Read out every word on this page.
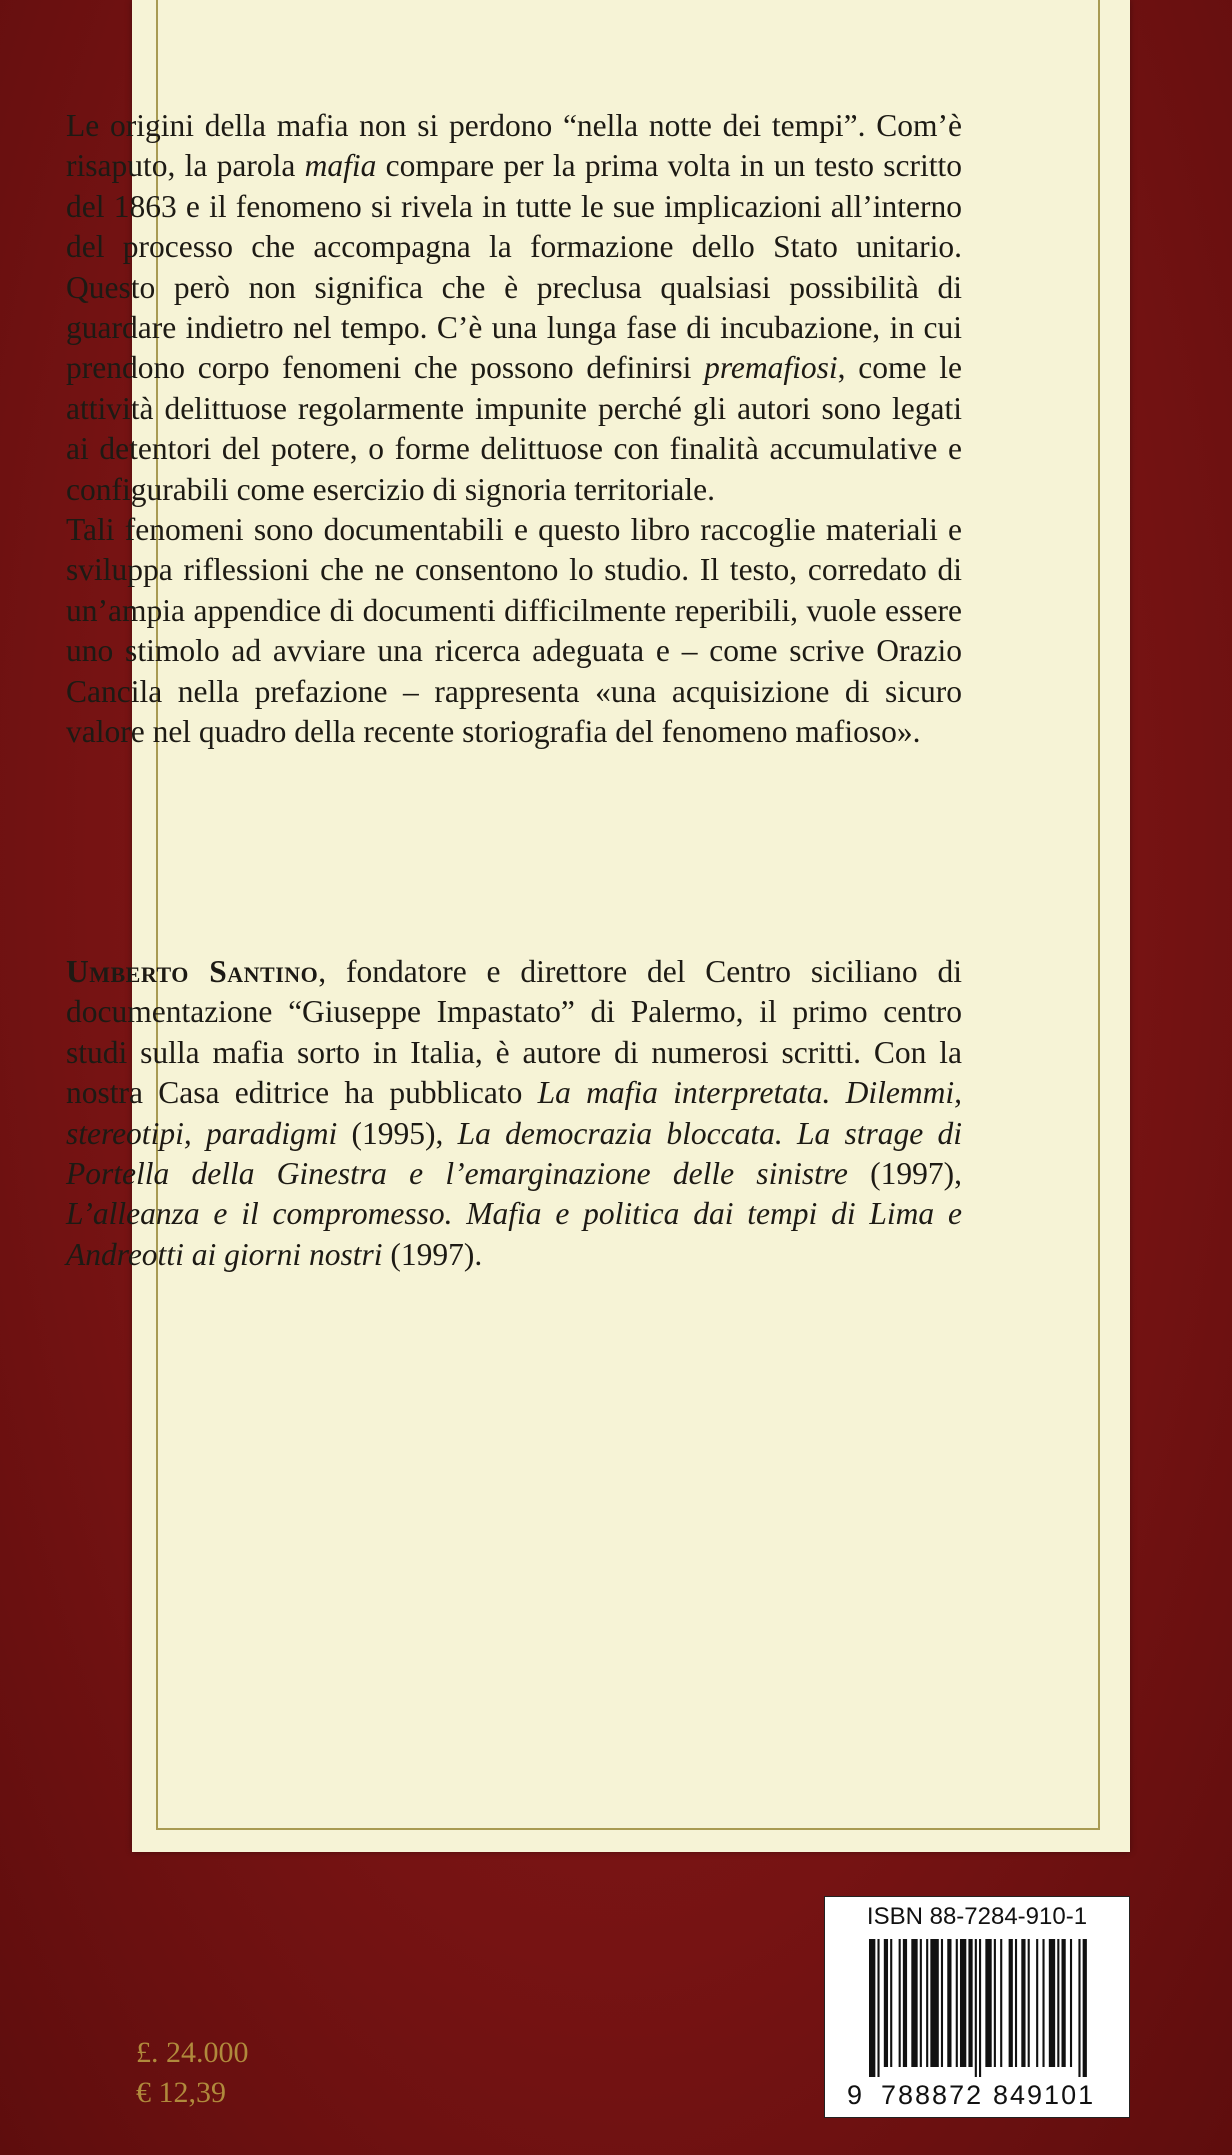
Le origini della mafia non si perdono “nella notte dei tempi”. Com’è risaputo, la parola mafia compare per la prima volta in un testo scritto del 1863 e il fenomeno si rivela in tutte le sue implicazioni all’interno del processo che accompagna la formazione dello Stato unitario. Questo però non significa che è preclusa qualsiasi possibilità di guardare indietro nel tempo. C’è una lunga fase di incubazione, in cui prendono corpo fenomeni che possono definirsi premafiosi, come le attività delittuose regolarmente impunite perché gli autori sono legati ai detentori del potere, o forme delittuose con finalità accumulative e configurabili come esercizio di signoria territoriale.

Tali fenomeni sono documentabili e questo libro raccoglie materiali e sviluppa riflessioni che ne consentono lo studio. Il testo, corredato di un’ampia appendice di documenti difficilmente reperibili, vuole essere uno stimolo ad avviare una ricerca adeguata e – come scrive Orazio Cancila nella prefazione – rappresenta «una acquisizione di sicuro valore nel quadro della recente storiografia del fenomeno mafioso».

Umberto Santino, fondatore e direttore del Centro siciliano di documentazione “Giuseppe Impastato” di Palermo, il primo centro studi sulla mafia sorto in Italia, è autore di numerosi scritti. Con la nostra Casa editrice ha pubblicato La mafia interpretata. Dilemmi, stereotipi, paradigmi (1995), La democrazia bloccata. La strage di Portella della Ginestra e l’emarginazione delle sinistre (1997), L’alleanza e il compromesso. Mafia e politica dai tempi di Lima e Andreotti ai giorni nostri (1997).

£. 24.000
€ 12,39
ISBN 88-7284-910-1
9 788872 849101
